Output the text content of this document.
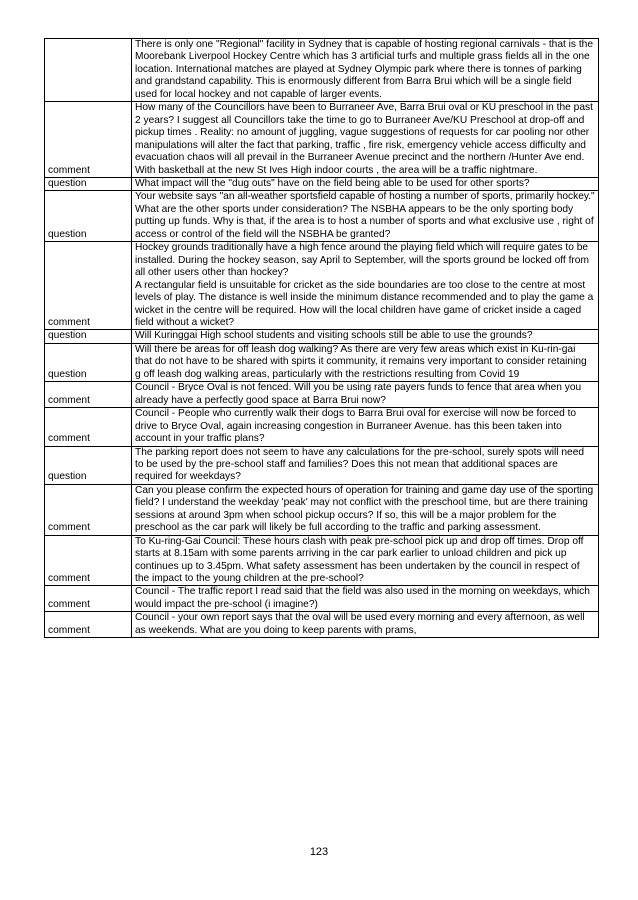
	There is only one "Regional" facility in Sydney that is capable of hosting regional carnivals - that is the Moorebank Liverpool Hockey Centre which has 3 artificial turfs and multiple grass fields all in the one location. International matches are played at Sydney Olympic park where there is tonnes of parking and grandstand capability. This is enormously different from Barra Brui which will be a single field used for local hockey and not capable of larger events.
comment	How many of the Councillors have been to Burraneer Ave, Barra Brui oval or KU preschool in the past 2 years? I suggest all Councillors take the time to go to Burraneer Ave/KU Preschool at drop-off and pickup times . Reality: no amount of juggling, vague suggestions of requests for car pooling nor other manipulations will alter the fact that parking, traffic , fire risk, emergency vehicle access difficulty and evacuation chaos will all prevail in the Burraneer Avenue precinct and the northern /Hunter Ave end. With basketball at the new St Ives High indoor courts , the area will be a traffic nightmare.
question	What impact will the "dug outs" have on the field being able to be used for other sports?
question	Your website says "an all-weather sportsfield capable of hosting a number of sports, primarily hockey."
What are the other sports under consideration? The NSBHA appears to be the only sporting body putting up funds. Why is that, if the area is to host a number of sports and what exclusive use , right of access or control of the field will the NSBHA be granted?
comment	Hockey grounds traditionally have a high fence around the playing field which will require gates to be installed. During the hockey season, say April to September, will the sports ground be locked off from all other users other than hockey?
A rectangular field is unsuitable for cricket as the side boundaries are too close to the centre at most levels of play. The distance is well inside the minimum distance recommended and to play the game a wicket in the centre will be required. How will the local children have game of cricket inside a caged field without a wicket?
question	Will Kuringgai High school students and visiting schools still be able to use the grounds?
question	Will there be areas for off leash dog walking? As there are very few areas which exist in Ku-rin-gai that do not have to be shared with spirts it community, it remains very important to consider retaining g off leash dog walking areas, particularly with the restrictions resulting from Covid 19
comment	Council - Bryce Oval is not fenced. Will you be using rate payers funds to fence that area when you already have a perfectly good space at Barra Brui now?
comment	Council - People who currently walk their dogs to Barra Brui oval for exercise will now be forced to drive to Bryce Oval, again increasing congestion in Burraneer Avenue. has this been taken into account in your traffic plans?
question	The parking report does not seem to have any calculations for the pre-school, surely spots will need to be used by the pre-school staff and families? Does this not mean that additional spaces are required for weekdays?
comment	Can you please confirm the expected hours of operation for training and game day use of the sporting field? I understand the weekday 'peak' may not conflict with the preschool time, but are there training sessions at around 3pm when school pickup occurs? If so, this will be a major problem for the preschool as the car park will likely be full according to the traffic and parking assessment.
comment	To Ku-ring-Gai Council: These hours clash with peak pre-school pick up and drop off times. Drop off starts at 8.15am with some parents arriving in the car park earlier to unload children and pick up continues up to 3.45pm. What safety assessment has been undertaken by the council in respect of the impact to the young children at the pre-school?
comment	Council - The traffic report I read said that the field was also used in the morning on weekdays, which would impact the pre-school (i imagine?)
comment	Council - your own report says that the oval will be used every morning and every afternoon, as well as weekends. What are you doing to keep parents with prams,
123
